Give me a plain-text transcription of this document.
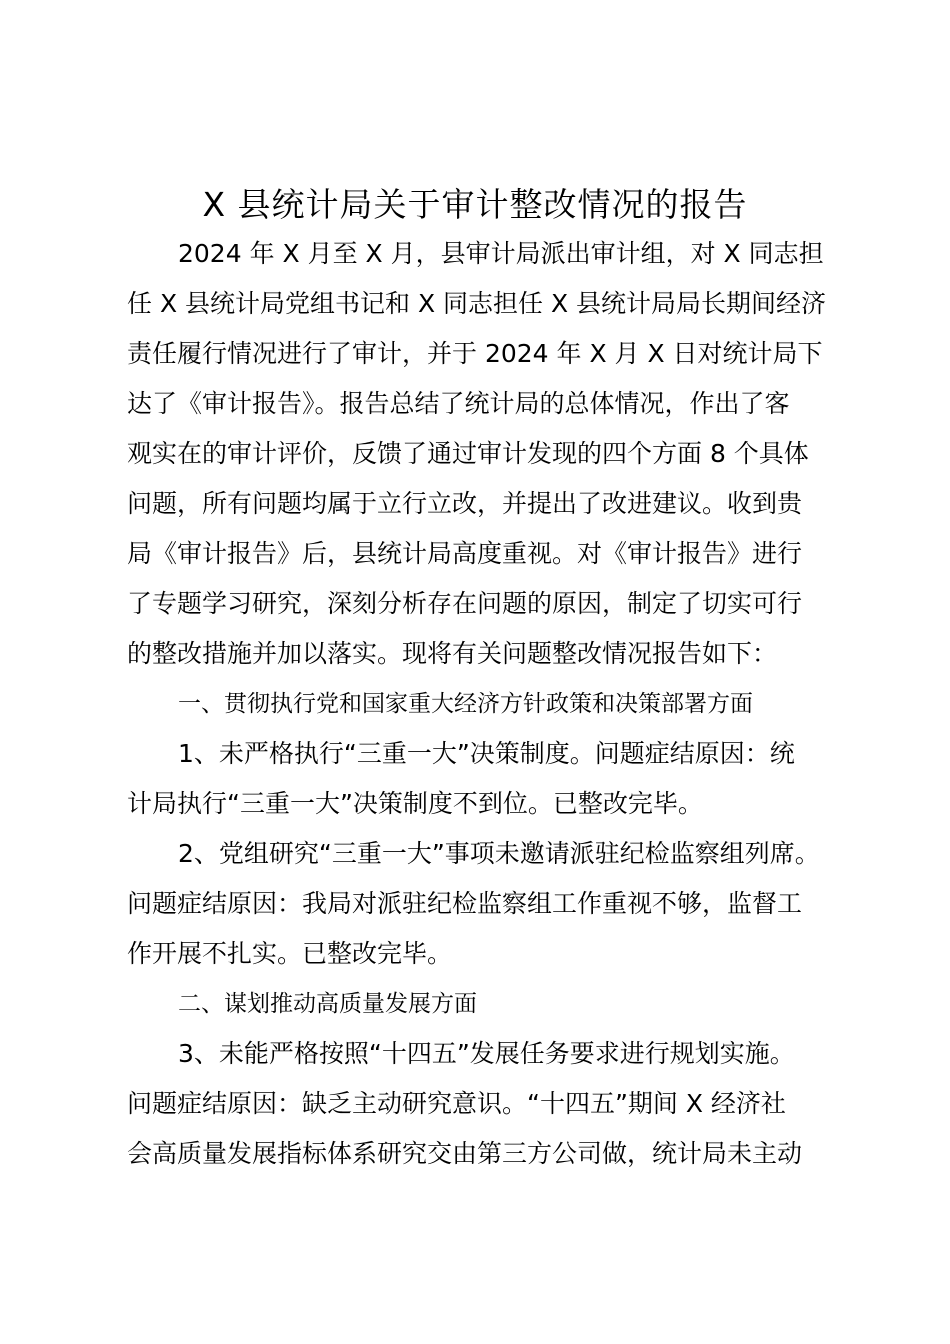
X 县统计局关于审计整改情况的报告

2024 年 X 月至 X 月，县审计局派出审计组，对 X 同志担

任 X 县统计局党组书记和 X 同志担任 X 县统计局局长期间经济

责任履行情况进行了审计，并于 2024 年 X 月 X 日对统计局下

达了《审计报告》。报告总结了统计局的总体情况，作出了客

观实在的审计评价，反馈了通过审计发现的四个方面 8 个具体

问题，所有问题均属于立行立改，并提出了改进建议。收到贵

局《审计报告》后，县统计局高度重视。对《审计报告》进行

了专题学习研究，深刻分析存在问题的原因，制定了切实可行

的整改措施并加以落实。现将有关问题整改情况报告如下：

一、贯彻执行党和国家重大经济方针政策和决策部署方面

1、未严格执行“三重一大”决策制度。问题症结原因：统

计局执行“三重一大”决策制度不到位。已整改完毕。

2、党组研究“三重一大”事项未邀请派驻纪检监察组列席。

问题症结原因：我局对派驻纪检监察组工作重视不够，监督工

作开展不扎实。已整改完毕。

二、谋划推动高质量发展方面

3、未能严格按照“十四五”发展任务要求进行规划实施。

问题症结原因：缺乏主动研究意识。“十四五”期间 X 经济社

会高质量发展指标体系研究交由第三方公司做，统计局未主动
